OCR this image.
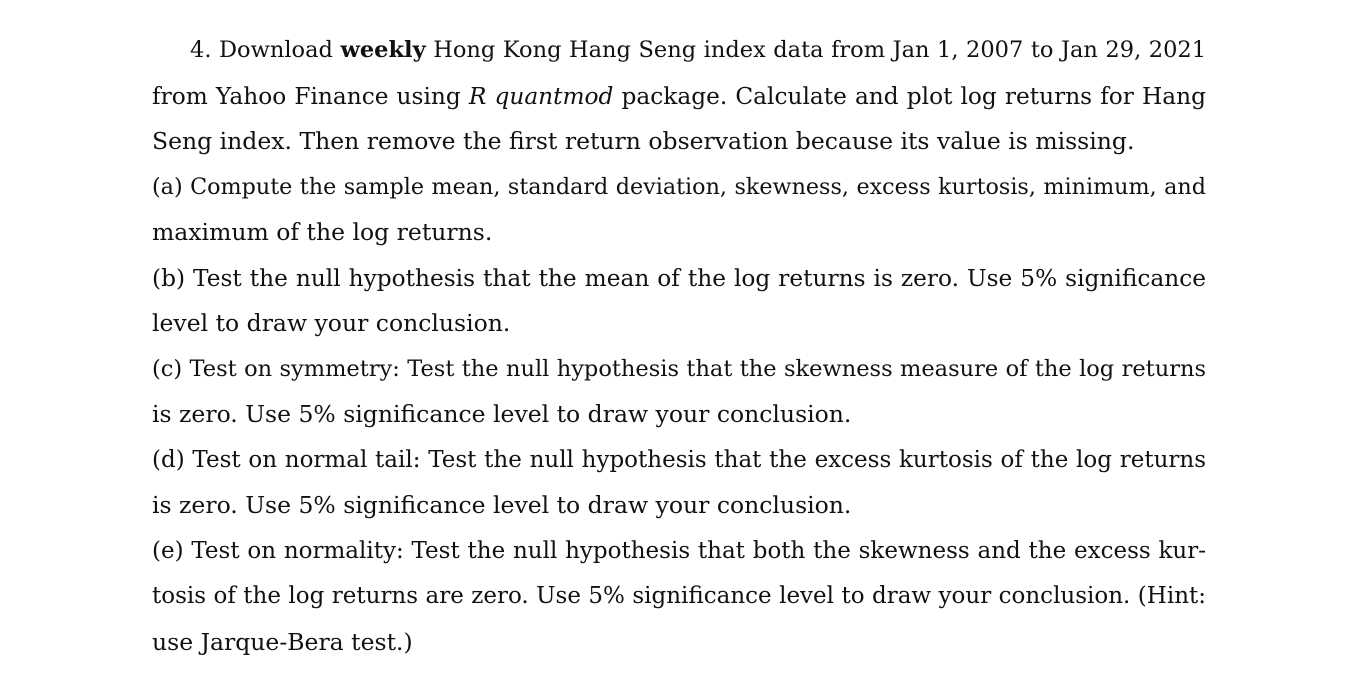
4. Download weekly Hong Kong Hang Seng index data from Jan 1, 2007 to Jan 29, 2021
from Yahoo Finance using R quantmod package. Calculate and plot log returns for Hang
Seng index. Then remove the first return observation because its value is missing.
(a) Compute the sample mean, standard deviation, skewness, excess kurtosis, minimum, and
maximum of the log returns.
(b) Test the null hypothesis that the mean of the log returns is zero. Use 5% significance
level to draw your conclusion.
(c) Test on symmetry: Test the null hypothesis that the skewness measure of the log returns
is zero. Use 5% significance level to draw your conclusion.
(d) Test on normal tail: Test the null hypothesis that the excess kurtosis of the log returns
is zero. Use 5% significance level to draw your conclusion.
(e) Test on normality: Test the null hypothesis that both the skewness and the excess kur-
tosis of the log returns are zero. Use 5% significance level to draw your conclusion. (Hint:
use Jarque-Bera test.)
